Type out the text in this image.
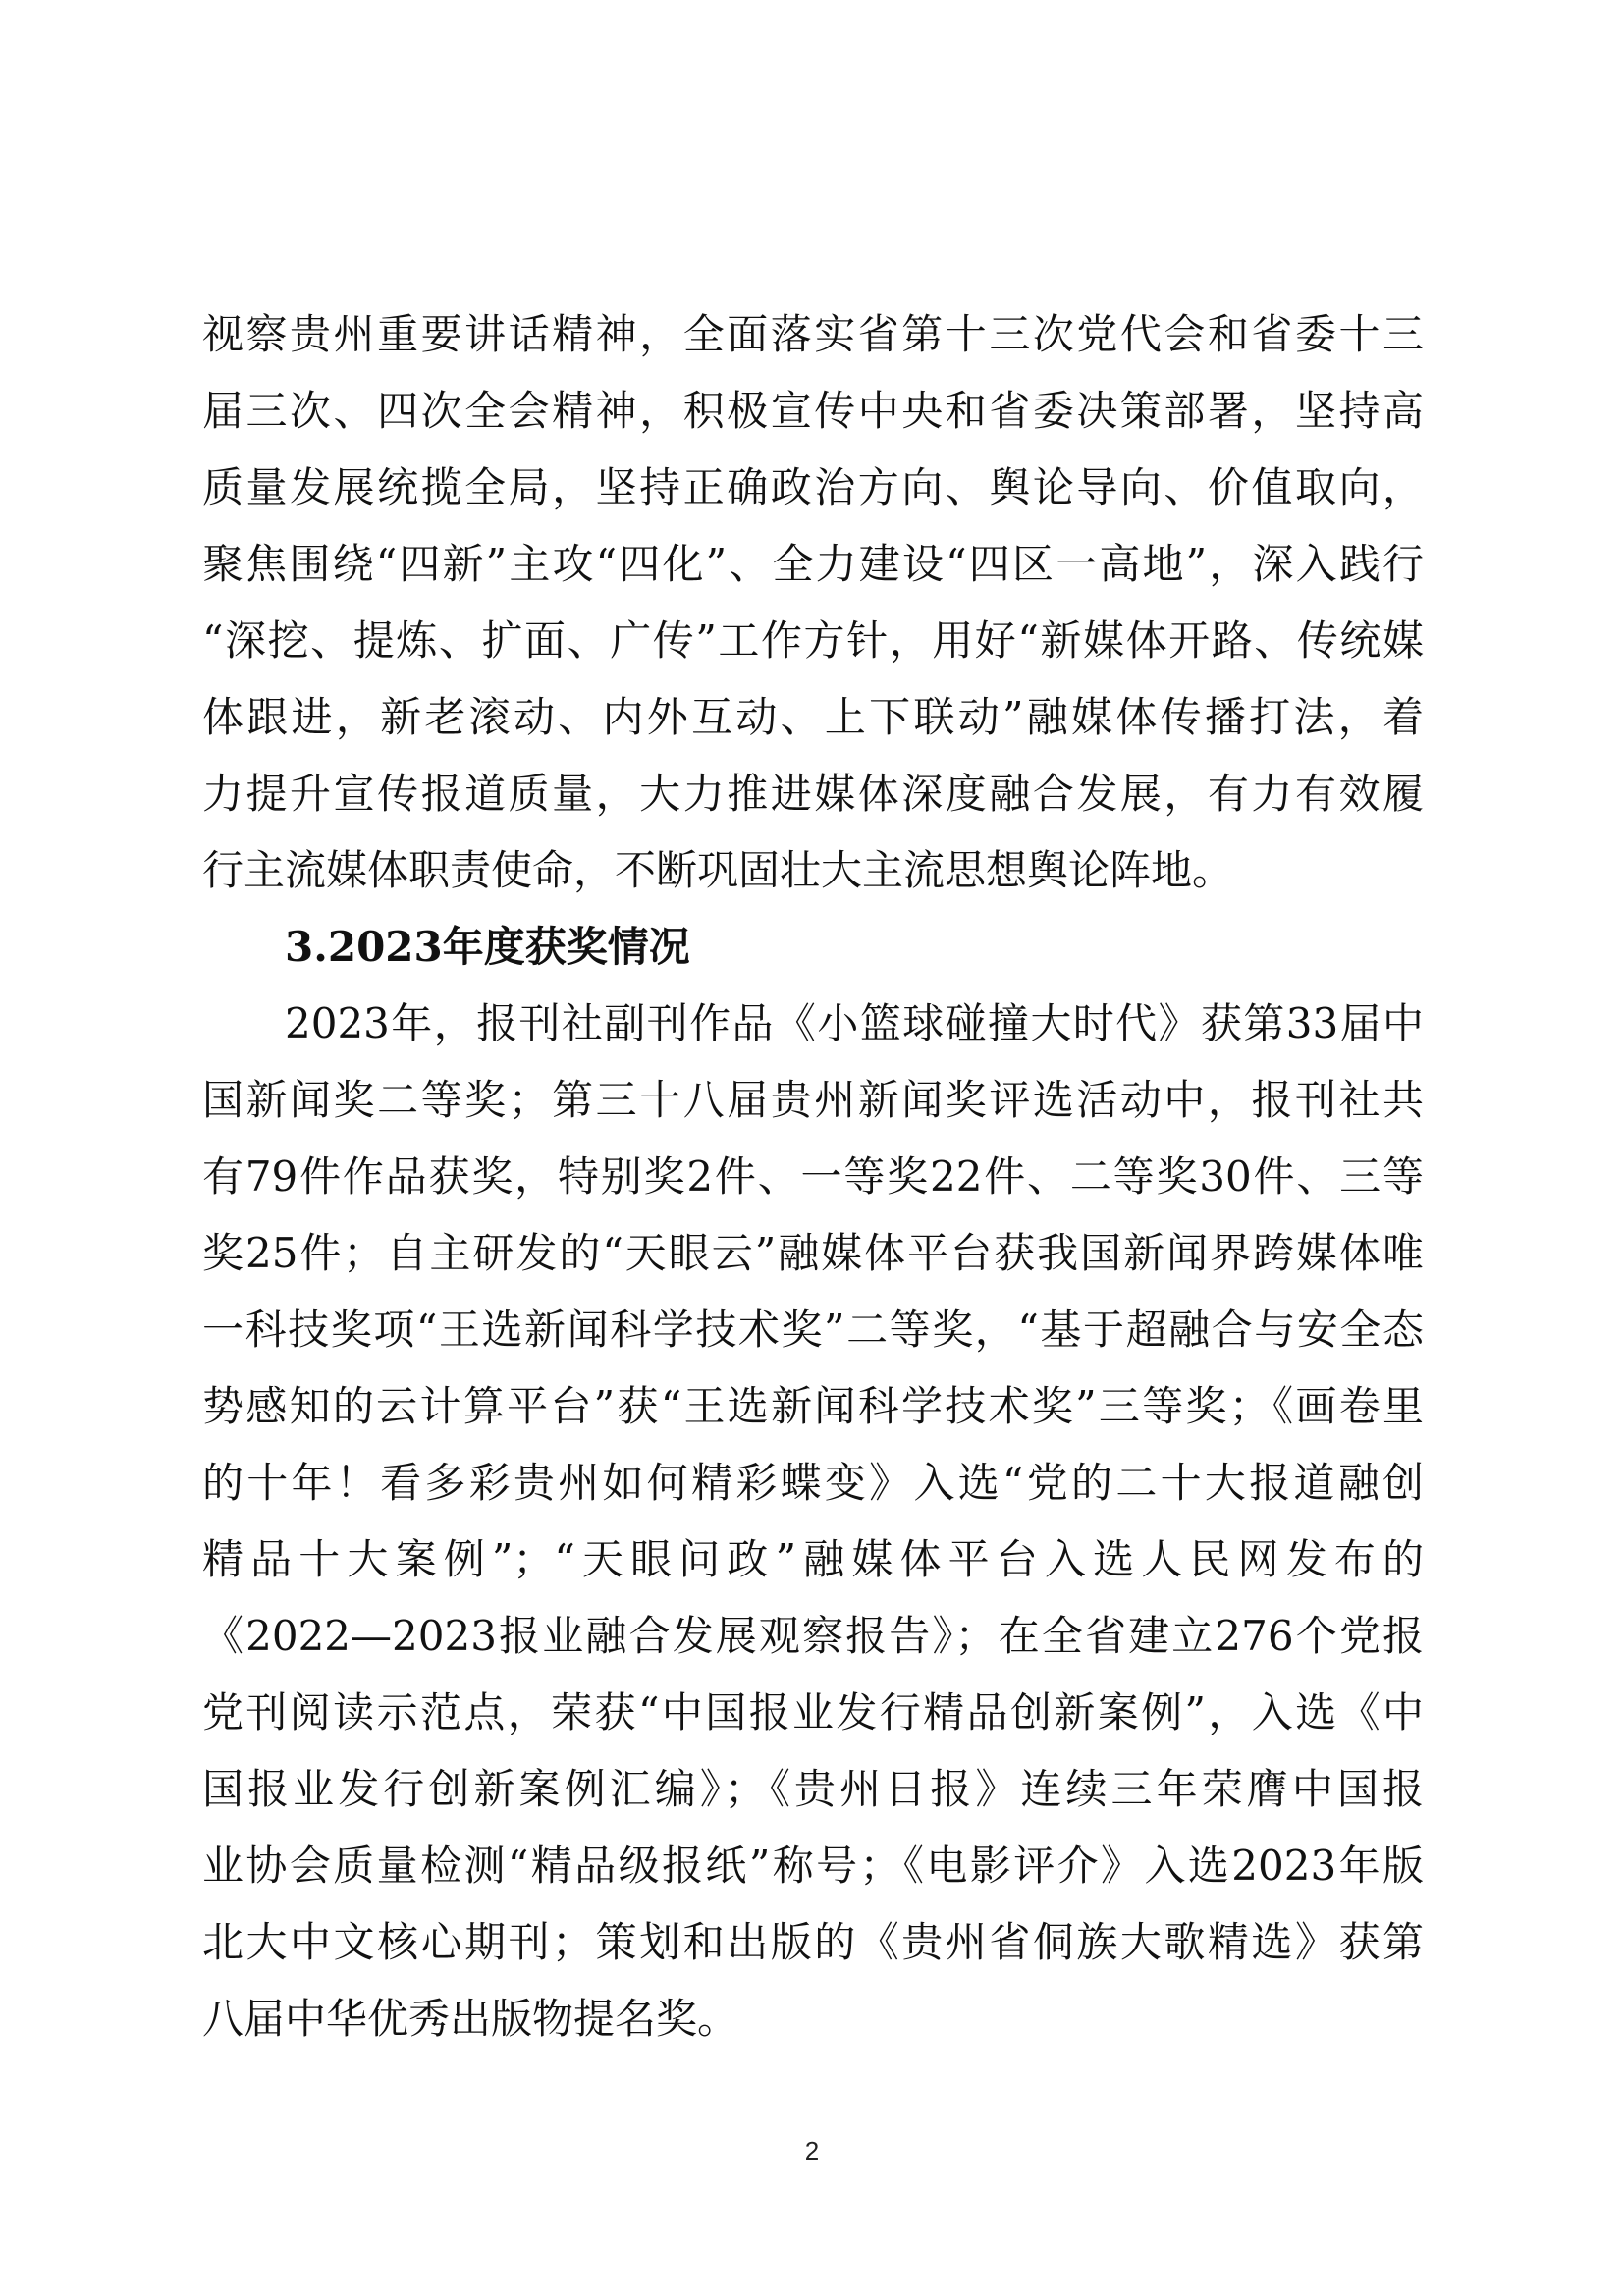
视察贵州重要讲话精神，全面落实省第十三次党代会和省委十三
届三次、四次全会精神，积极宣传中央和省委决策部署，坚持高
质量发展统揽全局，坚持正确政治方向、舆论导向、价值取向，
聚焦围绕“四新”主攻“四化”、全力建设“四区一高地”，深入践行
“深挖、提炼、扩面、广传”工作方针，用好“新媒体开路、传统媒
体跟进，新老滚动、内外互动、上下联动”融媒体传播打法，着
力提升宣传报道质量，大力推进媒体深度融合发展，有力有效履
行主流媒体职责使命，不断巩固壮大主流思想舆论阵地。
3.2023年度获奖情况
2023年，报刊社副刊作品《小篮球碰撞大时代》获第33届中
国新闻奖二等奖；第三十八届贵州新闻奖评选活动中，报刊社共
有79件作品获奖，特别奖2件、一等奖22件、二等奖30件、三等
奖25件；自主研发的“天眼云”融媒体平台获我国新闻界跨媒体唯
一科技奖项“王选新闻科学技术奖”二等奖，“基于超融合与安全态
势感知的云计算平台”获“王选新闻科学技术奖”三等奖；《画卷里
的十年！看多彩贵州如何精彩蝶变》入选“党的二十大报道融创
精品十大案例”；“天眼问政”融媒体平台入选人民网发布的
《2022—2023报业融合发展观察报告》；在全省建立276个党报
党刊阅读示范点，荣获“中国报业发行精品创新案例”，入选《中
国报业发行创新案例汇编》；《贵州日报》连续三年荣膺中国报
业协会质量检测“精品级报纸”称号；《电影评介》入选2023年版
北大中文核心期刊；策划和出版的《贵州省侗族大歌精选》获第
八届中华优秀出版物提名奖。
2
